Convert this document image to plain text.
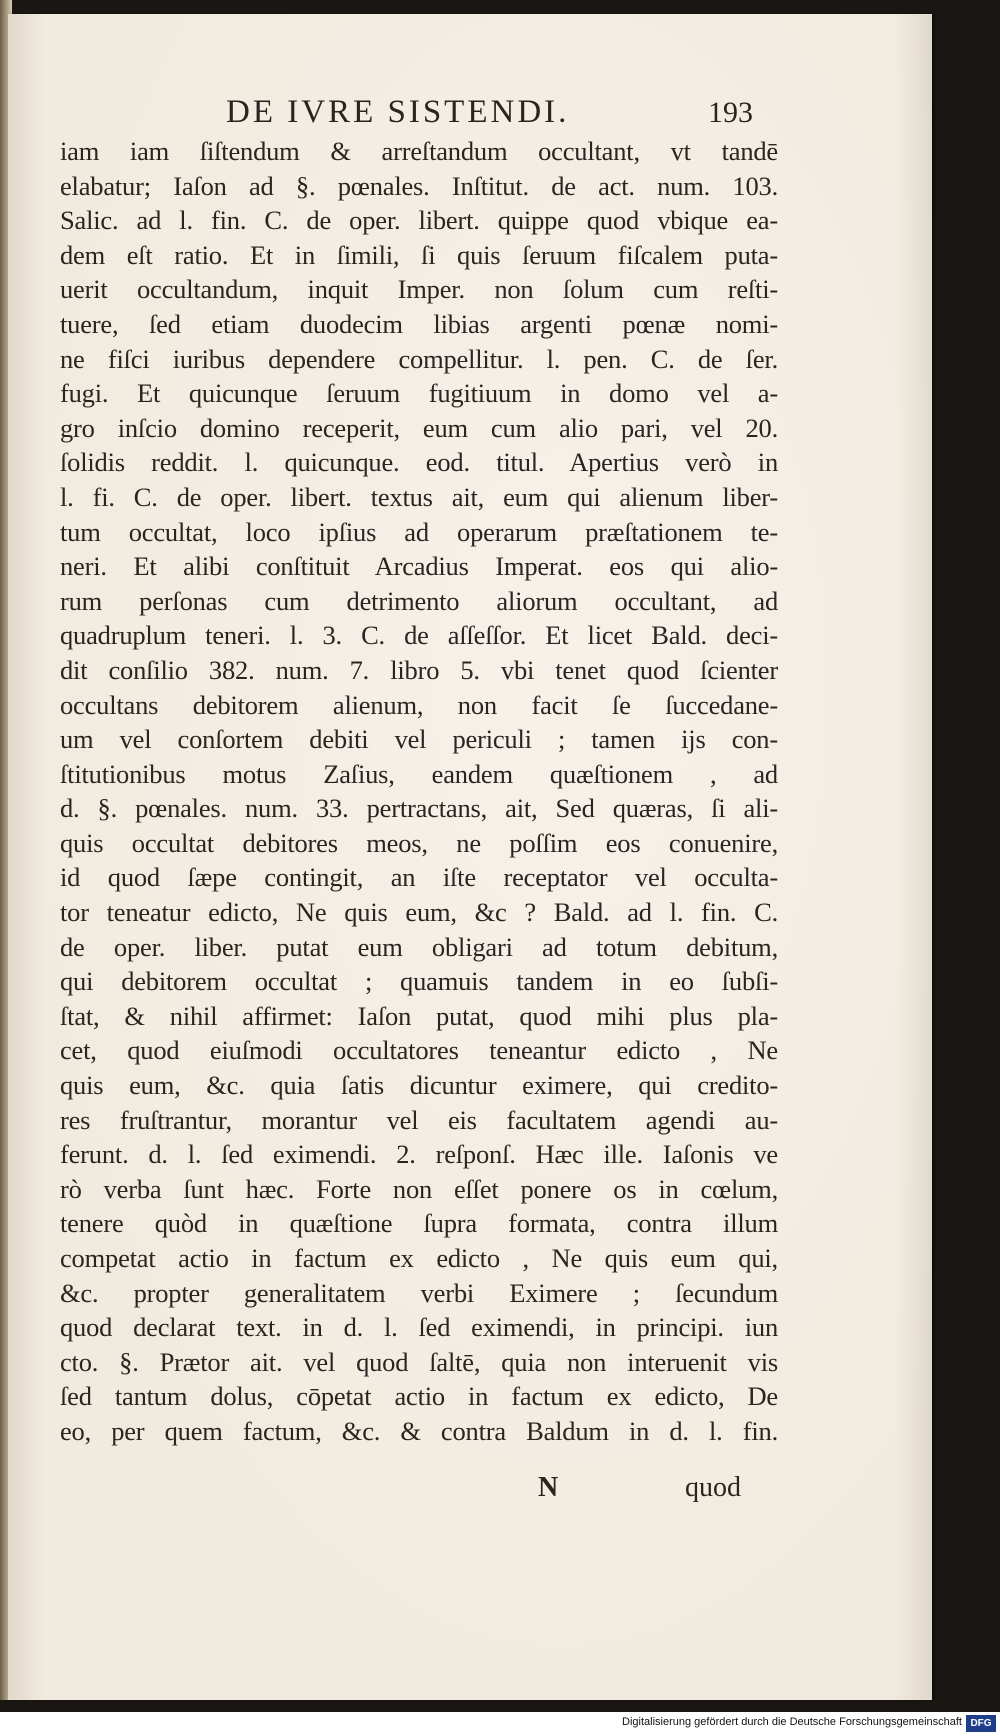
DE IVRE SISTENDI.	193
iam iam ſiſtendum & arreſtandum occultant, vt tandē
elabatur; Iaſon ad §. pœnales. Inſtitut. de act. num. 103.
Salic. ad l. fin. C. de oper. libert. quippe quod vbique ea-
dem eſt ratio. Et in ſimili, ſi quis ſeruum fiſcalem puta-
uerit occultandum, inquit Imper. non ſolum cum reſti-
tuere, ſed etiam duodecim libias argenti pœnæ nomi-
ne fiſci iuribus dependere compellitur. l. pen. C. de ſer.
fugi. Et quicunque ſeruum fugitiuum in domo vel a-
gro inſcio domino receperit, eum cum alio pari, vel 20.
ſolidis reddit. l. quicunque. eod. titul. Apertius verò in
l. fi. C. de oper. libert. textus ait, eum qui alienum liber-
tum occultat, loco ipſius ad operarum præſtationem te-
neri. Et alibi conſtituit Arcadius Imperat. eos qui alio-
rum perſonas cum detrimento aliorum occultant, ad
quadruplum teneri. l. 3. C. de aſſeſſor. Et licet Bald. deci-
dit conſilio 382. num. 7. libro 5. vbi tenet quod ſcienter
occultans debitorem alienum, non facit ſe ſuccedane-
um vel conſortem debiti vel periculi ; tamen ijs con-
ſtitutionibus motus Zaſius, eandem quæſtionem , ad
d. §. pœnales. num. 33. pertractans, ait, Sed quæras, ſi ali-
quis occultat debitores meos, ne poſſim eos conuenire,
id quod ſæpe contingit, an iſte receptator vel occulta-
tor teneatur edicto, Ne quis eum, &c ? Bald. ad l. fin. C.
de oper. liber. putat eum obligari ad totum debitum,
qui debitorem occultat ; quamuis tandem in eo ſubſi-
ſtat, & nihil affirmet: Iaſon putat, quod mihi plus pla-
cet, quod eiuſmodi occultatores teneantur edicto , Ne
quis eum, &c. quia ſatis dicuntur eximere, qui credito-
res fruſtrantur, morantur vel eis facultatem agendi au-
ferunt. d. l. ſed eximendi. 2. reſponſ. Hæc ille. Iaſonis ve
rò verba ſunt hæc. Forte non eſſet ponere os in cœlum,
tenere quòd in quæſtione ſupra formata, contra illum
competat actio in factum ex edicto , Ne quis eum qui,
&c. propter generalitatem verbi Eximere ; ſecundum
quod declarat text. in d. l. ſed eximendi, in principi. iun
cto. §. Prætor ait. vel quod ſaltē, quia non interuenit vis
ſed tantum dolus, cōpetat actio in factum ex edicto, De
eo, per quem factum, &c. & contra Baldum in d. l. fin.
N	quod
Digitalisierung gefördert durch die Deutsche Forschungsgemeinschaft DFG
